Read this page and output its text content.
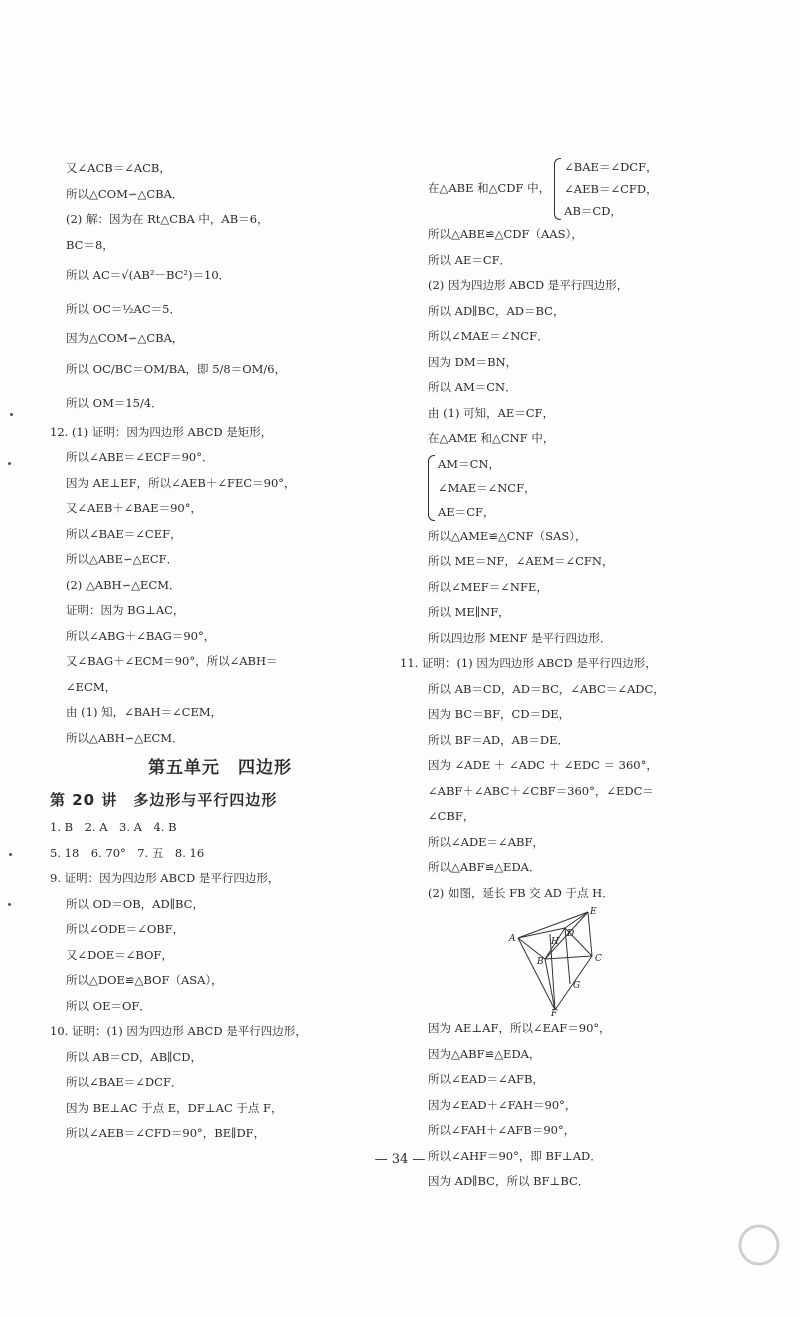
又∠ACB＝∠ACB，
所以△COM∽△CBA．
(2) 解：因为在 Rt△CBA 中，AB＝6，
BC＝8，
所以 AC＝√(AB²－BC²)＝10．
所以 OC＝½AC＝5．
因为△COM∽△CBA，
所以 OC/BC＝OM/BA，即 5/8＝OM/6，
所以 OM＝15/4．
12. (1) 证明：因为四边形 ABCD 是矩形，
所以∠ABE＝∠ECF＝90°．
因为 AE⊥EF，所以∠AEB＋∠FEC＝90°，
又∠AEB＋∠BAE＝90°，
所以∠BAE＝∠CEF，
所以△ABE∽△ECF．
(2) △ABH∽△ECM．
证明：因为 BG⊥AC，
所以∠ABG＋∠BAG＝90°，
又∠BAG＋∠ECM＝90°，所以∠ABH＝
∠ECM，
由 (1) 知，∠BAH＝∠CEM，
所以△ABH∽△ECM．
第五单元　四边形
第 20 讲　多边形与平行四边形
1. B　2. A　3. A　4. B
5. 18　6. 70°　7. 五　8. 16
9. 证明：因为四边形 ABCD 是平行四边形，
所以 OD＝OB，AD∥BC，
所以∠ODE＝∠OBF，
又∠DOE＝∠BOF，
所以△DOE≌△BOF（ASA），
所以 OE＝OF．
10. 证明：(1) 因为四边形 ABCD 是平行四边形，
所以 AB＝CD，AB∥CD，
所以∠BAE＝∠DCF．
因为 BE⊥AC 于点 E，DF⊥AC 于点 F，
所以∠AEB＝∠CFD＝90°，BE∥DF，
在△ABE 和△CDF 中，
∠BAE＝∠DCF，
∠AEB＝∠CFD，
AB＝CD，
所以△ABE≌△CDF（AAS），
所以 AE＝CF．
(2) 因为四边形 ABCD 是平行四边形，
所以 AD∥BC，AD＝BC，
所以∠MAE＝∠NCF．
因为 DM＝BN，
所以 AM＝CN．
由 (1) 可知，AE＝CF，
在△AME 和△CNF 中，
AM＝CN，
∠MAE＝∠NCF，
AE＝CF，
所以△AME≌△CNF（SAS），
所以 ME＝NF，∠AEM＝∠CFN，
所以∠MEF＝∠NFE，
所以 ME∥NF，
所以四边形 MENF 是平行四边形．
11. 证明：(1) 因为四边形 ABCD 是平行四边形，
所以 AB＝CD，AD＝BC，∠ABC＝∠ADC，
因为 BC＝BF，CD＝DE，
所以 BF＝AD，AB＝DE．
因为 ∠ADE ＋ ∠ADC ＋ ∠EDC ＝ 360°，
∠ABF＋∠ABC＋∠CBF＝360°，∠EDC＝
∠CBF，
所以∠ADE＝∠ABF，
所以△ABF≌△EDA．
(2) 如图，延长 FB 交 AD 于点 H．
E
A	D
H
B	C
G
F
因为 AE⊥AF，所以∠EAF＝90°，
因为△ABF≌△EDA，
所以∠EAD＝∠AFB，
因为∠EAD＋∠FAH＝90°，
所以∠FAH＋∠AFB＝90°，
所以∠AHF＝90°，即 BF⊥AD．
因为 AD∥BC，所以 BF⊥BC．
— 34 —
